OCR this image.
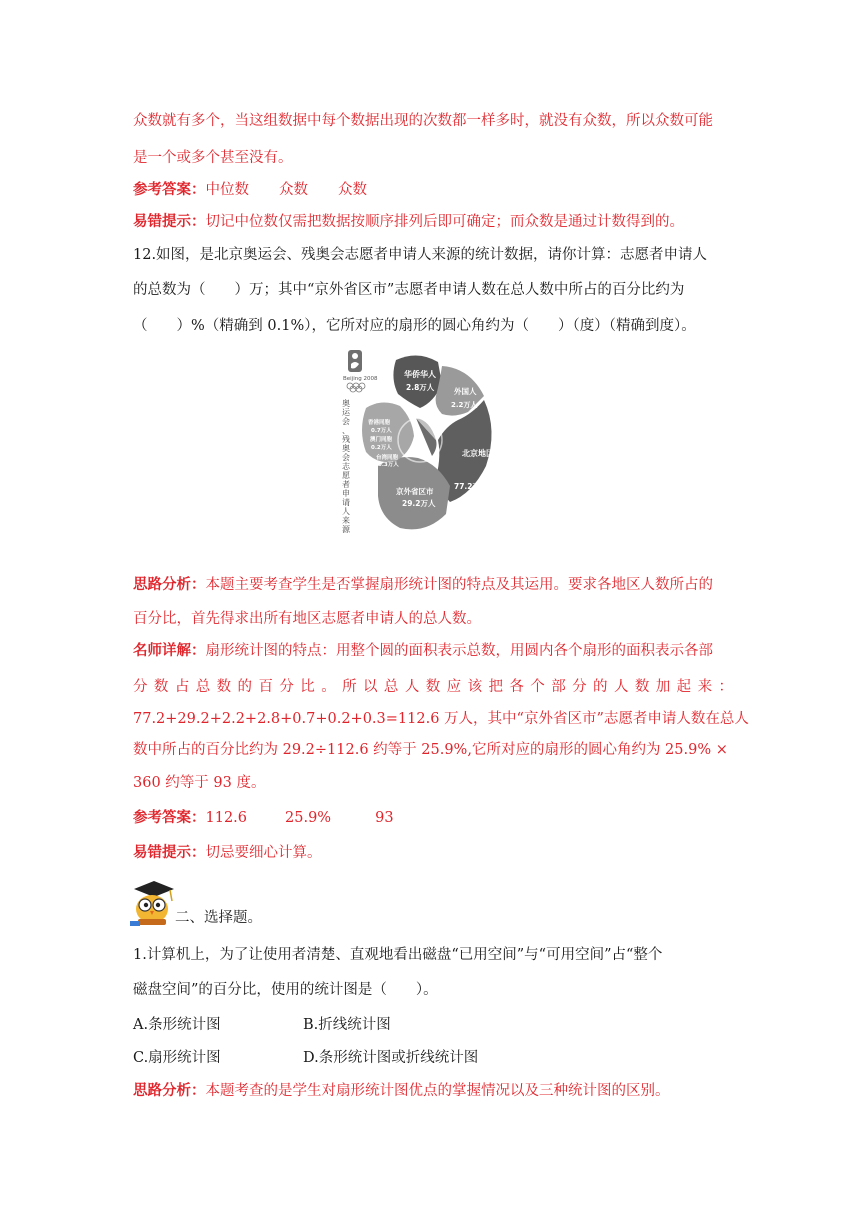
众数就有多个，当这组数据中每个数据出现的次数都一样多时，就没有众数，所以众数可能
是一个或多个甚至没有。
参考答案：中位数 众数 众数
易错提示：切记中位数仅需把数据按顺序排列后即可确定；而众数是通过计数得到的。
12.如图，是北京奥运会、残奥会志愿者申请人来源的统计数据，请你计算：志愿者申请人
的总数为（　　）万；其中“京外省区市”志愿者申请人数在总人数中所占的百分比约为
（　　）%（精确到 0.1%），它所对应的扇形的圆心角约为（　　）（度）（精确到度）。
Beijing 2008	华侨华人
2.8万人	外国人
2.2万人
北京地区
77.2万人
京外省区市
29.2万人
香港同胞
0.7万人
澳门同胞
0.2万人
台湾同胞
0.3万人
奥
运
会
、
残
奥
会
志
愿
者
申
请
人
来
源
思路分析：本题主要考查学生是否掌握扇形统计图的特点及其运用。要求各地区人数所占的
百分比，首先得求出所有地区志愿者申请人的总人数。
名师详解：扇形统计图的特点：用整个圆的面积表示总数，用圆内各个扇形的面积表示各部
分数占总数的百分比。所以总人数应该把各个部分的人数加起来：
77.2+29.2+2.2+2.8+0.7+0.2+0.3=112.6 万人，其中“京外省区市”志愿者申请人数在总人
数中所占的百分比约为 29.2÷112.6 约等于 25.9%,它所对应的扇形的圆心角约为 25.9% ×
360 约等于 93 度。
参考答案：112.6	25.9%	93
易错提示：切忌要细心计算。
二、选择题。
1.计算机上，为了让使用者清楚、直观地看出磁盘“已用空间”与“可用空间”占“整个
磁盘空间”的百分比，使用的统计图是（　　）。
A.条形统计图	B.折线统计图
C.扇形统计图	D.条形统计图或折线统计图
思路分析：本题考查的是学生对扇形统计图优点的掌握情况以及三种统计图的区别。
